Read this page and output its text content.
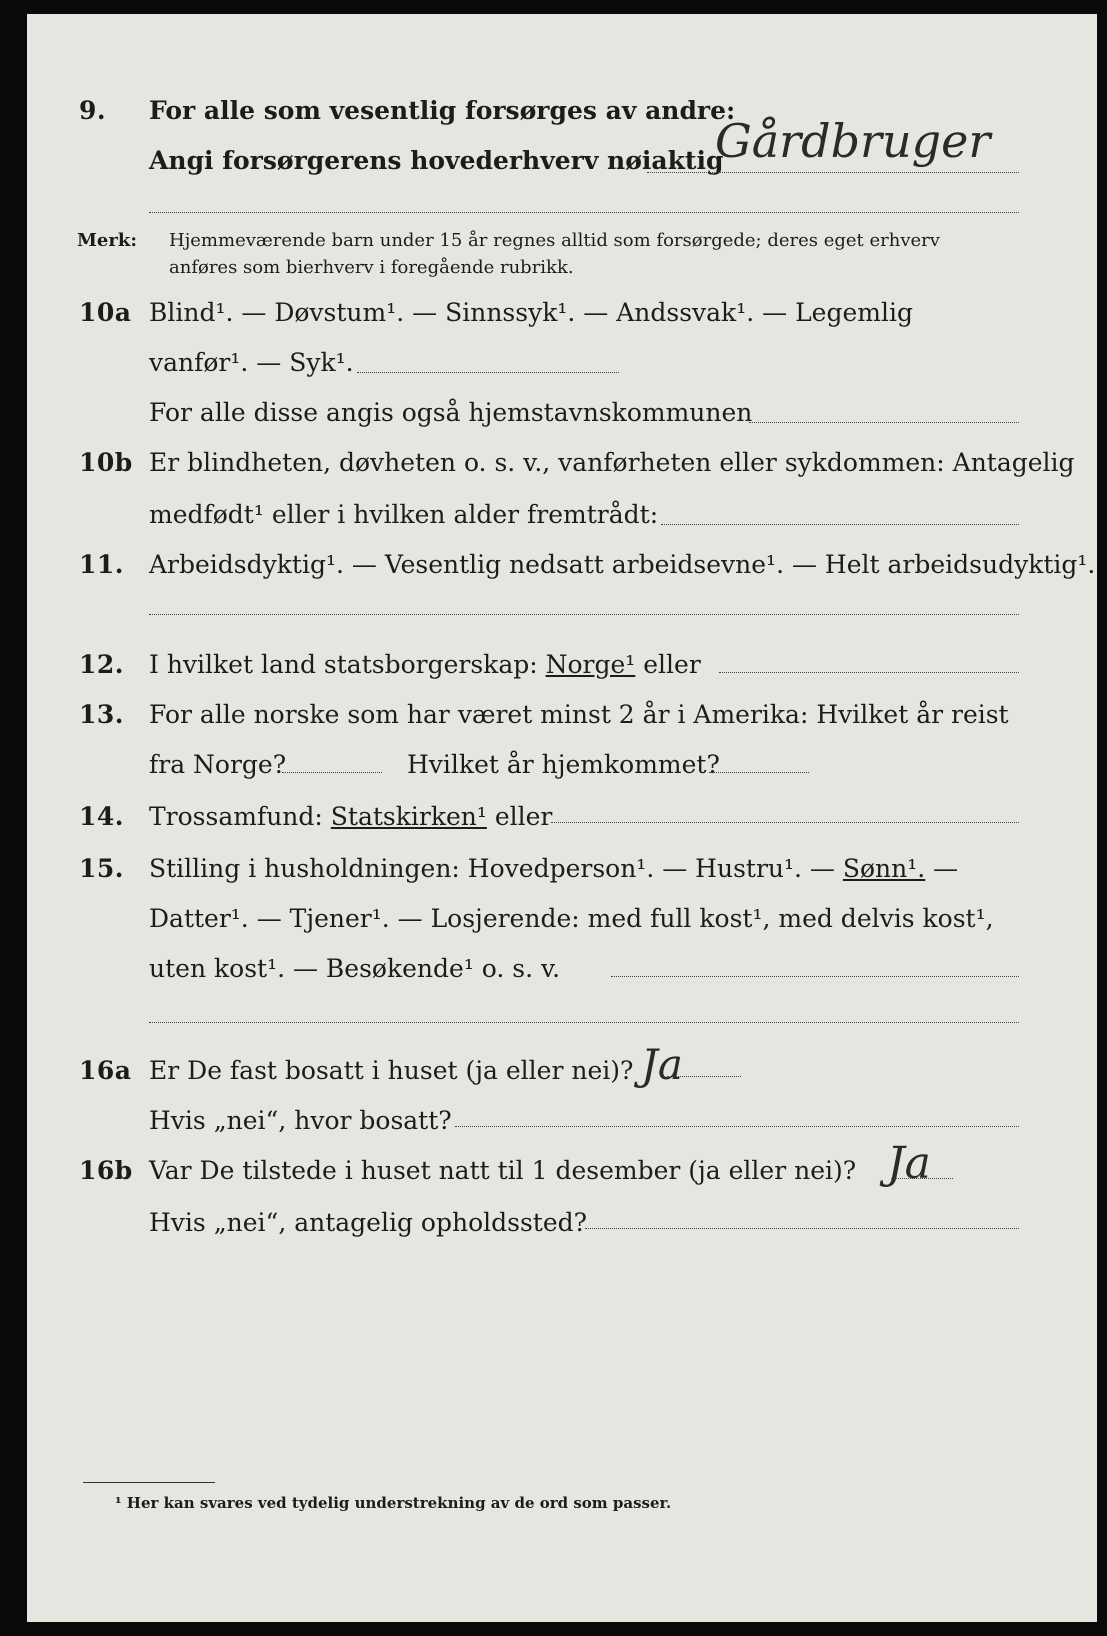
9. For alle som vesentlig forsørges av andre:
Angi forsørgerens hovederhverv nøiaktig
Gårdbruger
Merk: Hjemmeværende barn under 15 år regnes alltid som forsørgede; deres eget erhverv
anføres som bierhverv i foregående rubrikk.
10a Blind¹. — Døvstum¹. — Sinnssyk¹. — Andssvak¹. — Legemlig
vanfør¹. — Syk¹.
For alle disse angis også hjemstavnskommunen
10b Er blindheten, døvheten o. s. v., vanførheten eller sykdommen: Antagelig
medfødt¹ eller i hvilken alder fremtrådt:
11. Arbeidsdyktig¹. — Vesentlig nedsatt arbeidsevne¹. — Helt arbeidsudyktig¹.
12. I hvilket land statsborgerskap: Norge¹ eller
13. For alle norske som har været minst 2 år i Amerika: Hvilket år reist
fra Norge?	Hvilket år hjemkommet?
14. Trossamfund: Statskirken¹ eller
15. Stilling i husholdningen: Hovedperson¹. — Hustru¹. — Sønn¹. —
Datter¹. — Tjener¹. — Losjerende: med full kost¹, med delvis kost¹,
uten kost¹. — Besøkende¹ o. s. v.
16a Er De fast bosatt i huset (ja eller nei)? Ja
Hvis „nei“, hvor bosatt?
16b Var De tilstede i huset natt til 1 desember (ja eller nei)? Ja
Hvis „nei“, antagelig opholdssted?
¹ Her kan svares ved tydelig understrekning av de ord som passer.
